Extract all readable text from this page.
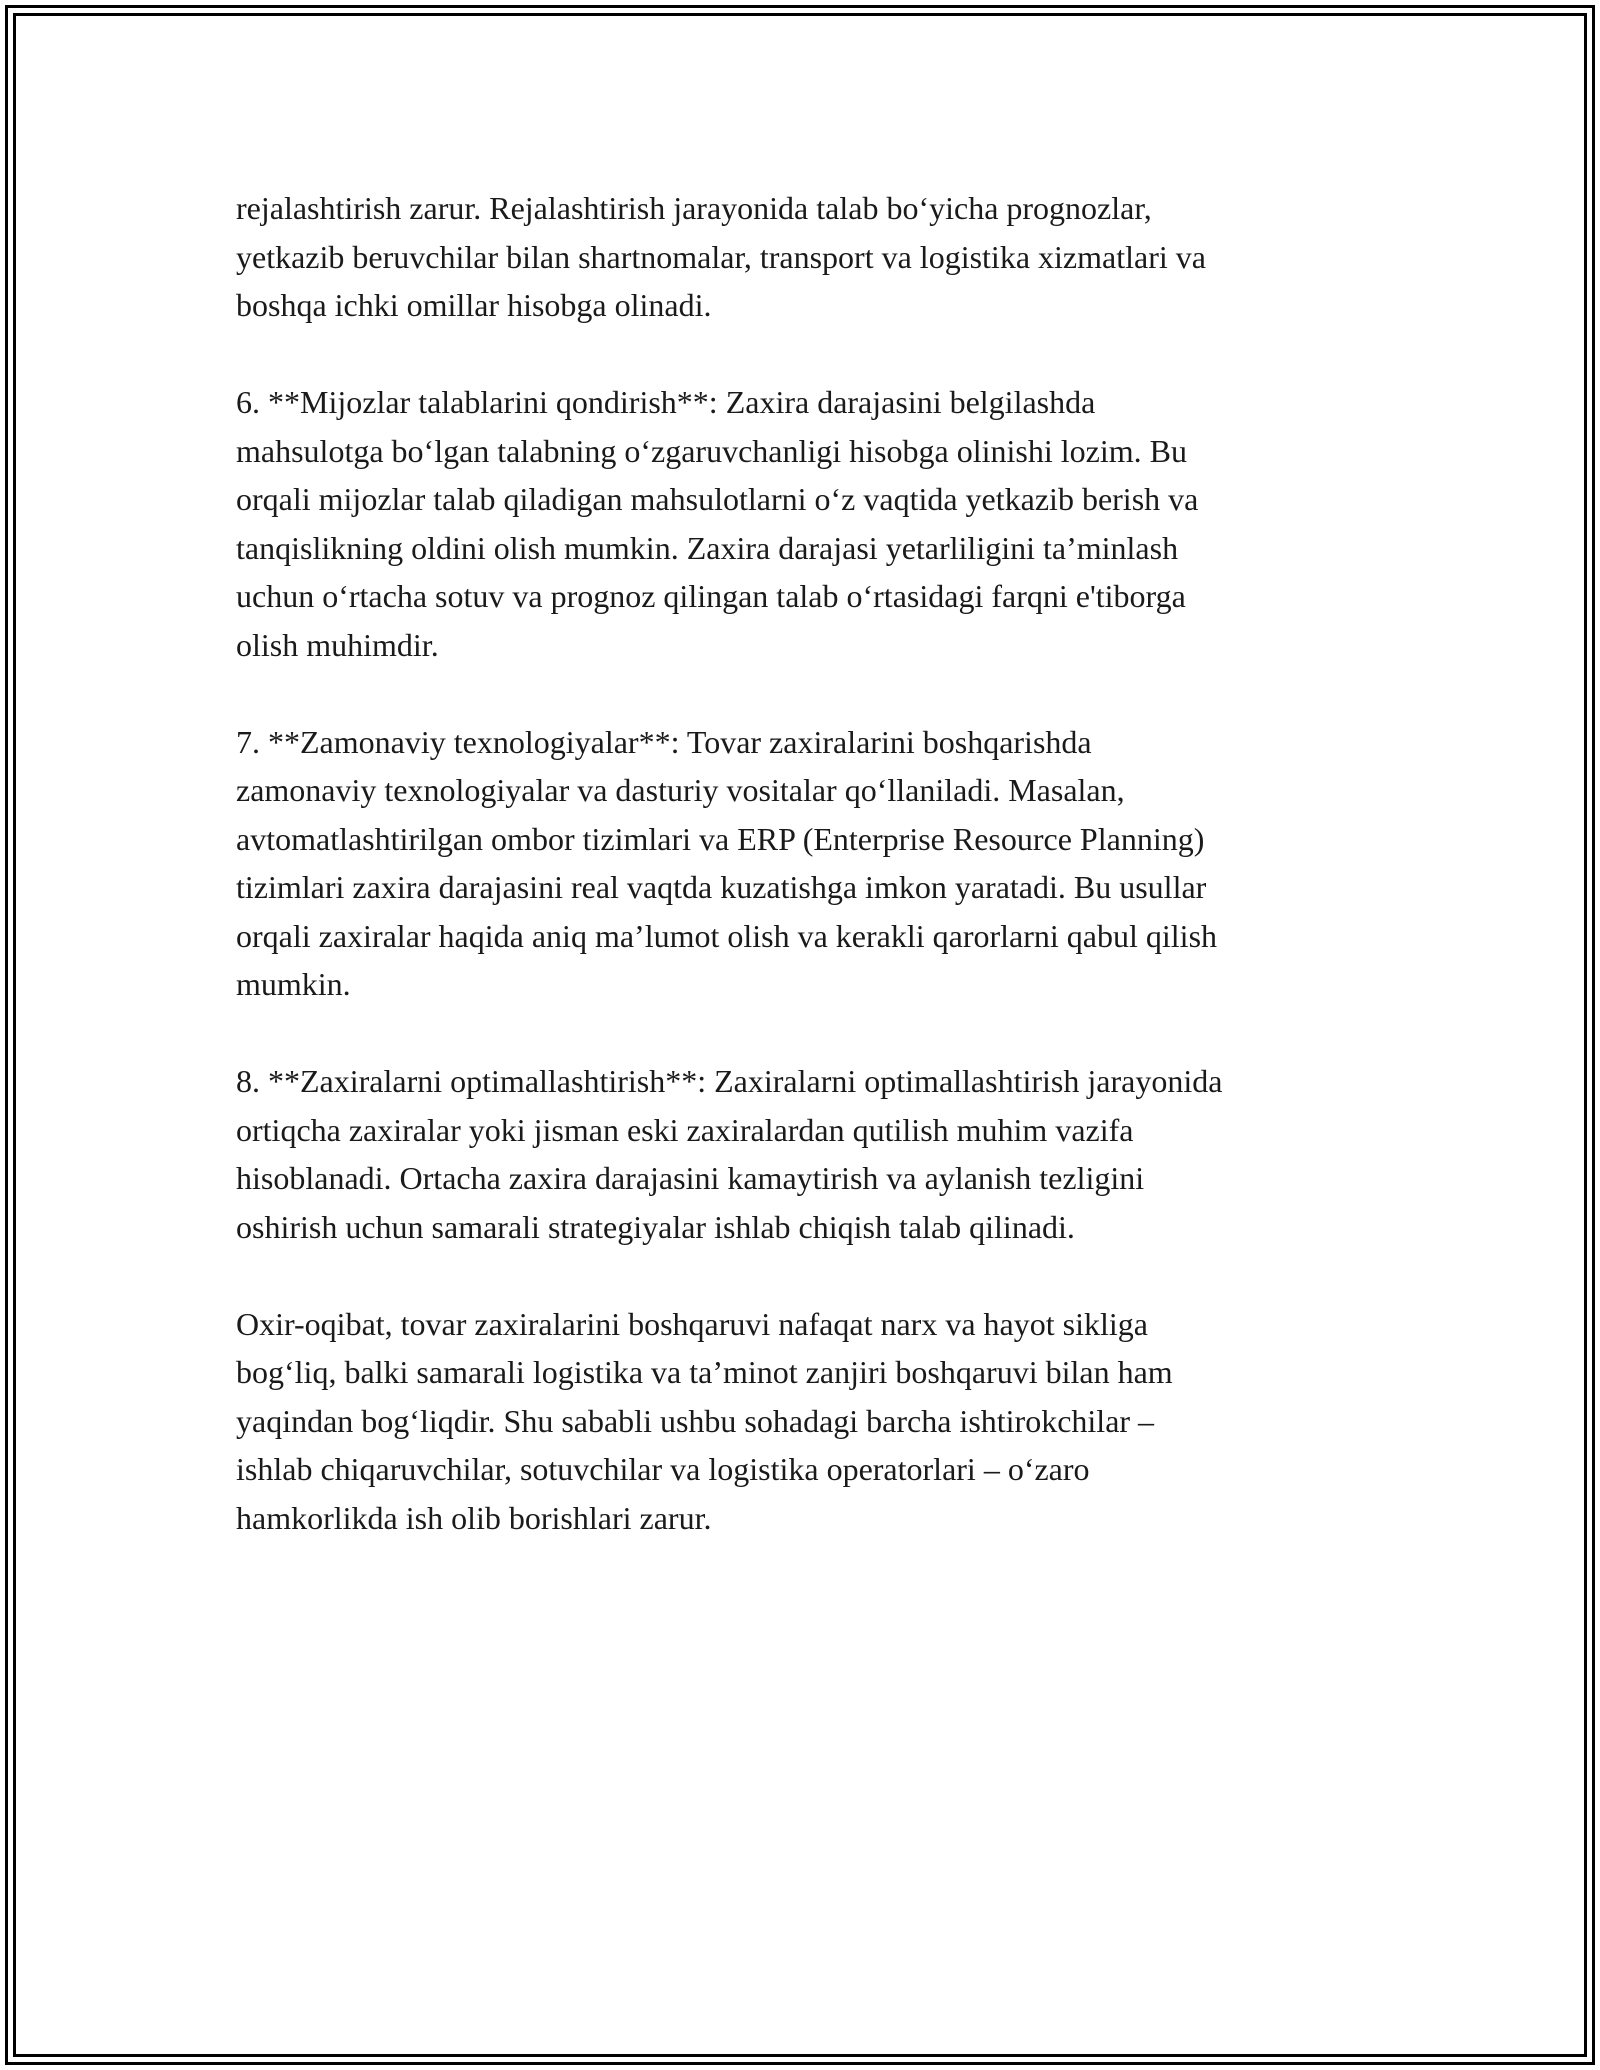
rejalashtirish zarur. Rejalashtirish jarayonida talab bo‘yicha prognozlar,
yetkazib beruvchilar bilan shartnomalar, transport va logistika xizmatlari va
boshqa ichki omillar hisobga olinadi.

6. **Mijozlar talablarini qondirish**: Zaxira darajasini belgilashda
mahsulotga bo‘lgan talabning o‘zgaruvchanligi hisobga olinishi lozim. Bu
orqali mijozlar talab qiladigan mahsulotlarni o‘z vaqtida yetkazib berish va
tanqislikning oldini olish mumkin. Zaxira darajasi yetarliligini ta’minlash
uchun o‘rtacha sotuv va prognoz qilingan talab o‘rtasidagi farqni e'tiborga
olish muhimdir.

7. **Zamonaviy texnologiyalar**: Tovar zaxiralarini boshqarishda
zamonaviy texnologiyalar va dasturiy vositalar qo‘llaniladi. Masalan,
avtomatlashtirilgan ombor tizimlari va ERP (Enterprise Resource Planning)
tizimlari zaxira darajasini real vaqtda kuzatishga imkon yaratadi. Bu usullar
orqali zaxiralar haqida aniq ma’lumot olish va kerakli qarorlarni qabul qilish
mumkin.

8. **Zaxiralarni optimallashtirish**: Zaxiralarni optimallashtirish jarayonida
ortiqcha zaxiralar yoki jisman eski zaxiralardan qutilish muhim vazifa
hisoblanadi. Ortacha zaxira darajasini kamaytirish va aylanish tezligini
oshirish uchun samarali strategiyalar ishlab chiqish talab qilinadi.

Oxir-oqibat, tovar zaxiralarini boshqaruvi nafaqat narx va hayot sikliga
bog‘liq, balki samarali logistika va ta’minot zanjiri boshqaruvi bilan ham
yaqindan bog‘liqdir. Shu sababli ushbu sohadagi barcha ishtirokchilar –
ishlab chiqaruvchilar, sotuvchilar va logistika operatorlari – o‘zaro
hamkorlikda ish olib borishlari zarur.
